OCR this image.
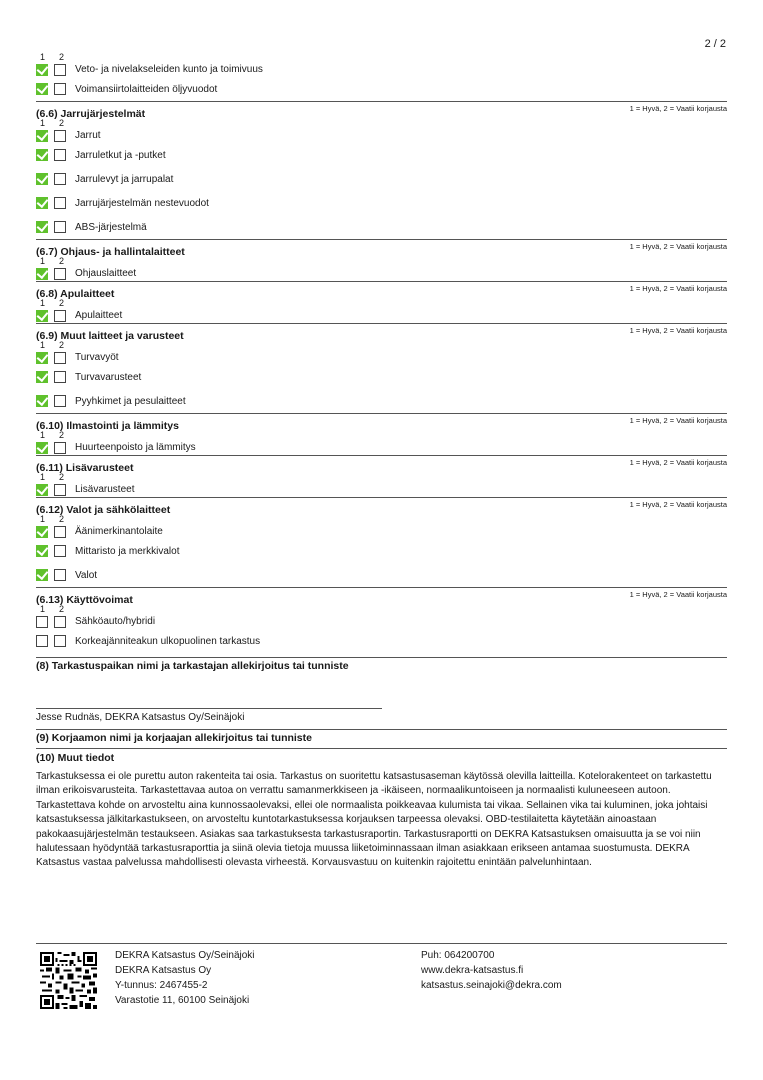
2 / 2
1 2
Veto- ja nivelakseleiden kunto ja toimivuus
Voimansiirtolaitteiden öljyvuodot
(6.6) Jarrujärjestelmät	1 = Hyvä, 2 = Vaatii korjausta
1 2
Jarrut
Jarruletkut ja -putket
Jarrulevyt ja jarrupalat
Jarrujärjestelmän nestevuodot
ABS-järjestelmä
(6.7) Ohjaus- ja hallintalaitteet	1 = Hyvä, 2 = Vaatii korjausta
1 2
Ohjauslaitteet
(6.8) Apulaitteet	1 = Hyvä, 2 = Vaatii korjausta
1 2
Apulaitteet
(6.9) Muut laitteet ja varusteet	1 = Hyvä, 2 = Vaatii korjausta
1 2
Turvavyöt
Turvavarusteet
Pyyhkimet ja pesulaitteet
(6.10) Ilmastointi ja lämmitys	1 = Hyvä, 2 = Vaatii korjausta
1 2
Huurteenpoisto ja lämmitys
(6.11) Lisävarusteet	1 = Hyvä, 2 = Vaatii korjausta
1 2
Lisävarusteet
(6.12) Valot ja sähkölaitteet	1 = Hyvä, 2 = Vaatii korjausta
1 2
Äänimerkinantolaite
Mittaristo ja merkkivalot
Valot
(6.13) Käyttövoimat	1 = Hyvä, 2 = Vaatii korjausta
1 2
Sähköauto/hybridi
Korkeajänniteakun ulkopuolinen tarkastus
(8) Tarkastuspaikan nimi ja tarkastajan allekirjoitus tai tunniste
Jesse Rudnäs, DEKRA Katsastus Oy/Seinäjoki
(9) Korjaamon nimi ja korjaajan allekirjoitus tai tunniste
(10) Muut tiedot
Tarkastuksessa ei ole purettu auton rakenteita tai osia. Tarkastus on suoritettu katsastusaseman käytössä olevilla laitteilla. Kotelorakenteet on tarkastettu ilman erikoisvarusteita. Tarkastettavaa autoa on verrattu samanmerkkiseen ja -ikäiseen, normaalikuntoiseen ja normaalisti kuluneeseen autoon. Tarkastettava kohde on arvosteltu aina kunnossaolevaksi, ellei ole normaalista poikkeavaa kulumista tai vikaa. Sellainen vika tai kuluminen, joka johtaisi katsastuksessa jälkitarkastukseen, on arvosteltu kuntotarkastuksessa korjauksen tarpeessa olevaksi. OBD-testilaitetta käytetään ainoastaan pakokaasujärjestelmän testaukseen. Asiakas saa tarkastuksesta tarkastusraportin. Tarkastusraportti on DEKRA Katsastuksen omaisuutta ja se voi niin halutessaan hyödyntää tarkastusraporttia ja siinä olevia tietoja muussa liiketoiminnassaan ilman asiakkaan erikseen antamaa suostumusta. DEKRA Katsastus vastaa palvelussa mahdollisesti olevasta virheestä. Korvausvastuu on kuitenkin rajoitettu enintään palvelunhintaan.
DEKRA Katsastus Oy/Seinäjoki
DEKRA Katsastus Oy
Y-tunnus: 2467455-2
Varastotie 11, 60100 Seinäjoki
Puh: 064200700
www.dekra-katsastus.fi
katsastus.seinajoki@dekra.com
